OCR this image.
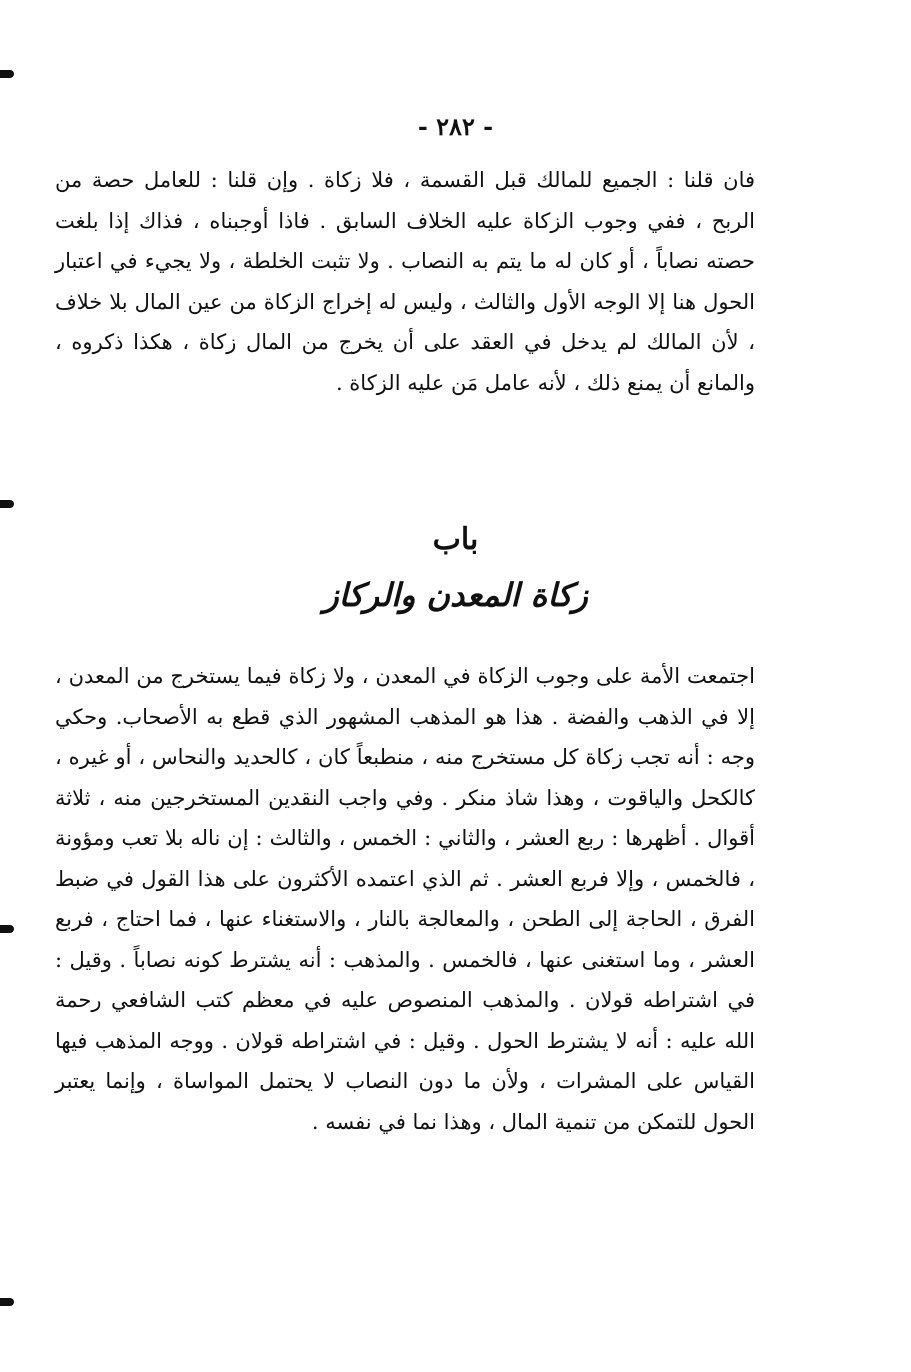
- ٢٨٢ -

فان قلنا : الجميع للمالك قبل القسمة ، فلا زكاة . وإن قلنا : للعامل حصة من الربح ، ففي وجوب الزكاة عليه الخلاف السابق . فاذا أوجبناه ، فذاك إذا بلغت حصته نصاباً ، أو كان له ما يتم به النصاب . ولا تثبت الخلطة ، ولا يجيء في اعتبار الحول هنا إلا الوجه الأول والثالث ، وليس له إخراج الزكاة من عين المال بلا خلاف ، لأن المالك لم يدخل في العقد على أن يخرج من المال زكاة ، هكذا ذكروه ، والمانع أن يمنع ذلك ، لأنه عامل مَن عليه الزكاة .

باب
زكاة المعدن والركاز

اجتمعت الأمة على وجوب الزكاة في المعدن ، ولا زكاة فيما يستخرج من المعدن ، إلا في الذهب والفضة . هذا هو المذهب المشهور الذي قطع به الأصحاب. وحكي وجه : أنه تجب زكاة كل مستخرج منه ، منطبعاً كان ، كالحديد والنحاس ، أو غيره ، كالكحل والياقوت ، وهذا شاذ منكر . وفي واجب النقدين المستخرجين منه ، ثلاثة أقوال . أظهرها : ربع العشر ، والثاني : الخمس ، والثالث : إن ناله بلا تعب ومؤونة ، فالخمس ، وإلا فربع العشر . ثم الذي اعتمده الأكثرون على هذا القول في ضبط الفرق ، الحاجة إلى الطحن ، والمعالجة بالنار ، والاستغناء عنها ، فما احتاج ، فربع العشر ، وما استغنى عنها ، فالخمس . والمذهب : أنه يشترط كونه نصاباً . وقيل : في اشتراطه قولان . والمذهب المنصوص عليه في معظم كتب الشافعي رحمة الله عليه : أنه لا يشترط الحول . وقيل : في اشتراطه قولان . ووجه المذهب فيها القياس على المشرات ، ولأن ما دون النصاب لا يحتمل المواساة ، وإنما يعتبر الحول للتمكن من تنمية المال ، وهذا نما في نفسه .
